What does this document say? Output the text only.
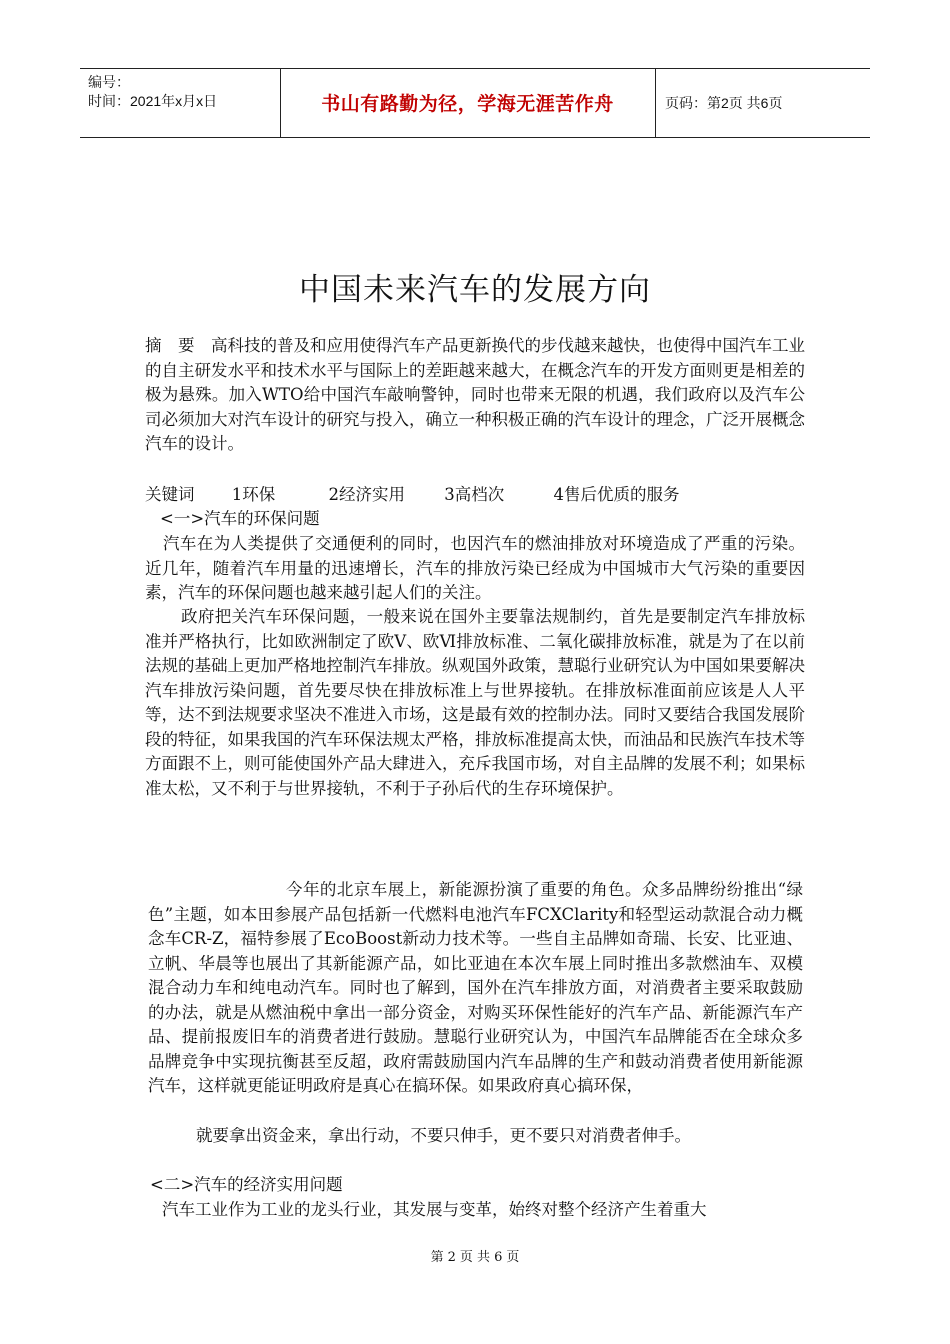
编号：
时间：2021年x月x日	书山有路勤为径，学海无涯苦作舟	页码：第2页 共6页
中国未来汽车的发展方向

摘　要　高科技的普及和应用使得汽车产品更新换代的步伐越来越快，也使得中国汽车工业的自主研发水平和技术水平与国际上的差距越来越大，在概念汽车的开发方面则更是相差的极为悬殊。加入WTO给中国汽车敲响警钟，同时也带来无限的机遇，我们政府以及汽车公司必须加大对汽车设计的研究与投入，确立一种积极正确的汽车设计的理念，广泛开展概念汽车的设计。

关键词 1环保	2经济实用 3高档次	4售后优质的服务
<一>汽车的环保问题

汽车在为人类提供了交通便利的同时，也因汽车的燃油排放对环境造成了严重的污染。近几年，随着汽车用量的迅速增长，汽车的排放污染已经成为中国城市大气污染的重要因素，汽车的环保问题也越来越引起人们的关注。

政府把关汽车环保问题，一般来说在国外主要靠法规制约，首先是要制定汽车排放标准并严格执行，比如欧洲制定了欧Ⅴ、欧Ⅵ排放标准、二氧化碳排放标准，就是为了在以前法规的基础上更加严格地控制汽车排放。纵观国外政策，慧聪行业研究认为中国如果要解决汽车排放污染问题，首先要尽快在排放标准上与世界接轨。在排放标准面前应该是人人平等，达不到法规要求坚决不准进入市场，这是最有效的控制办法。同时又要结合我国发展阶段的特征，如果我国的汽车环保法规太严格，排放标准提高太快，而油品和民族汽车技术等方面跟不上，则可能使国外产品大肆进入，充斥我国市场，对自主品牌的发展不利；如果标准太松，又不利于与世界接轨，不利于子孙后代的生存环境保护。

今年的北京车展上，新能源扮演了重要的角色。众多品牌纷纷推出“绿色”主题，如本田参展产品包括新一代燃料电池汽车FCXClarity和轻型运动款混合动力概念车CR-Z，福特参展了EcoBoost新动力技术等。一些自主品牌如奇瑞、长安、比亚迪、立帆、华晨等也展出了其新能源产品，如比亚迪在本次车展上同时推出多款燃油车、双模混合动力车和纯电动汽车。同时也了解到，国外在汽车排放方面，对消费者主要采取鼓励的办法，就是从燃油税中拿出一部分资金，对购买环保性能好的汽车产品、新能源汽车产品、提前报废旧车的消费者进行鼓励。慧聪行业研究认为，中国汽车品牌能否在全球众多品牌竞争中实现抗衡甚至反超，政府需鼓励国内汽车品牌的生产和鼓动消费者使用新能源汽车，这样就更能证明政府是真心在搞环保。如果政府真心搞环保，

就要拿出资金来，拿出行动，不要只伸手，更不要只对消费者伸手。
<二>汽车的经济实用问题
汽车工业作为工业的龙头行业，其发展与变革，始终对整个经济产生着重大
第 2 页 共 6 页
